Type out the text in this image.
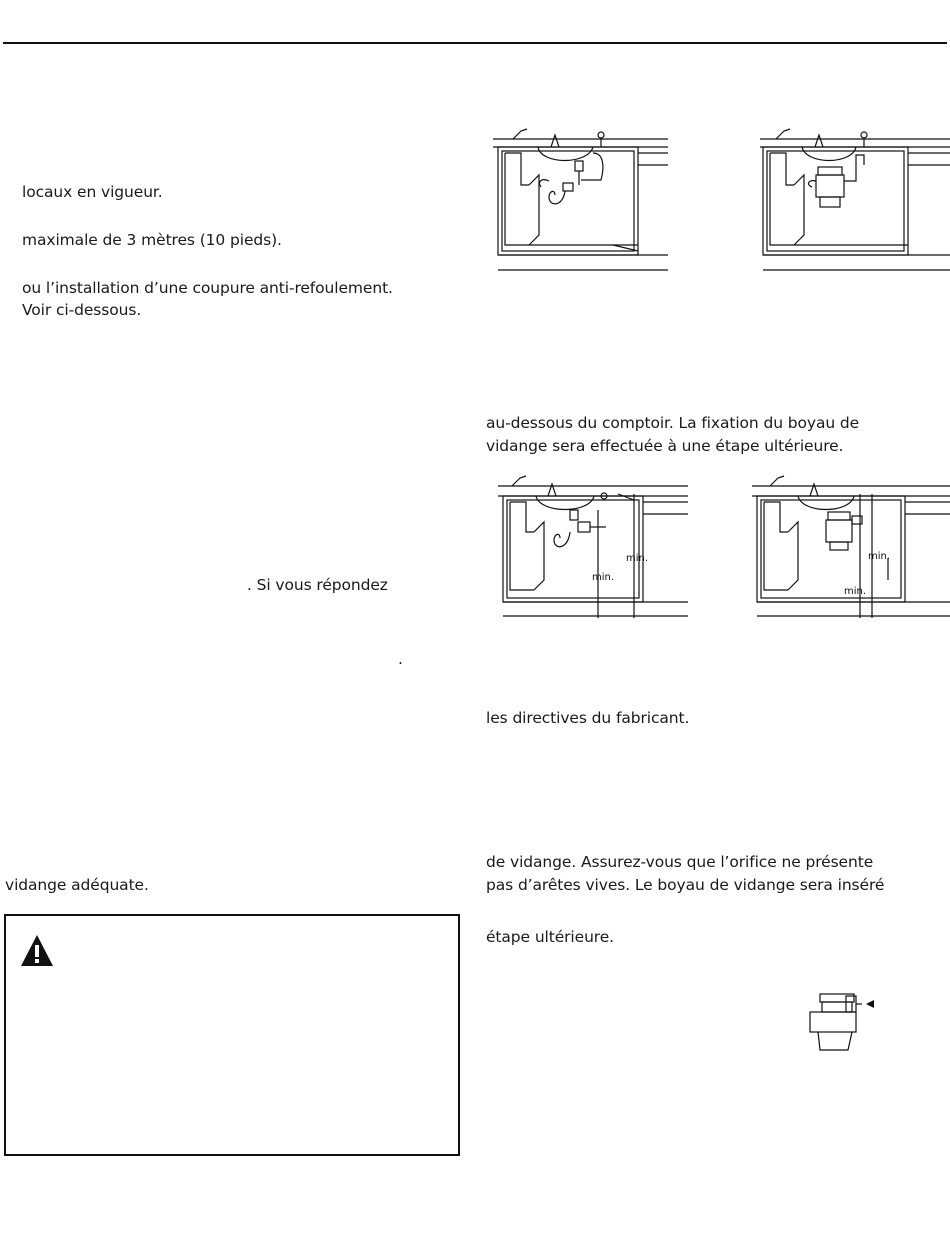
locaux en vigueur.
maximale de 3 mètres (10 pieds).
ou l’installation d’une coupure anti-refoulement.
Voir ci-dessous.
. Si vous répondez
.
vidange adéquate.
au-dessous du comptoir. La fixation du boyau de
vidange sera effectuée à une étape ultérieure.
les directives du fabricant.
de vidange. Assurez-vous que l’orifice ne présente
pas d’arêtes vives. Le boyau de vidange sera inséré
étape ultérieure.
min.
min.
min.
min.
